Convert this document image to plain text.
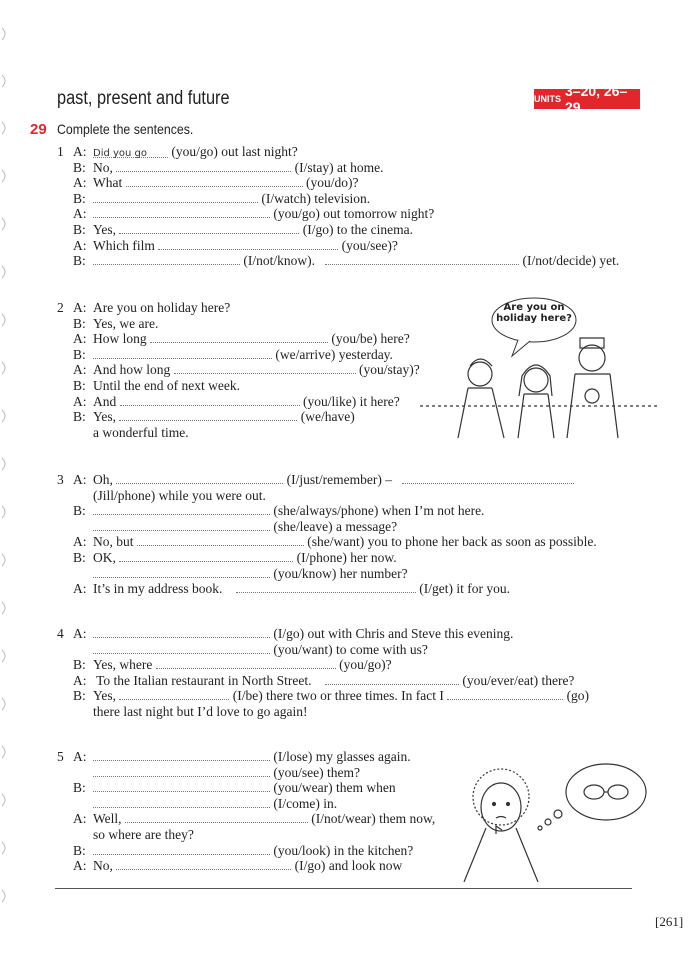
past, present and future	UNITS 3–20, 26–29
29 Complete the sentences.
1 A: Did you go (you/go) out last night?
B: No,	(I/stay) at home.
A: What	(you/do)?
B:	(I/watch) television.
A:	(you/go) out tomorrow night?
B: Yes,	(I/go) to the cinema.
A: Which film	(you/see)?
B:	(I/not/know).	(I/not/decide) yet.
2 A: Are you on holiday here?
B: Yes, we are.
A: How long	(you/be) here?
B:	(we/arrive) yesterday.
A: And how long	(you/stay)?
B: Until the end of next week.
A: And	(you/like) it here?
B: Yes,	(we/have)
a wonderful time.
3 A: Oh,	(I/just/remember) –
(Jill/phone) while you were out.
B:	(she/always/phone) when I’m not here.
(she/leave) a message?
A: No, but	(she/want) you to phone her back as soon as possible.
B: OK,	(I/phone) her now.
(you/know) her number?
A: It’s in my address book.	(I/get) it for you.
4 A:	(I/go) out with Chris and Steve this evening.
(you/want) to come with us?
B: Yes, where	(you/go)?
A: To the Italian restaurant in North Street.	(you/ever/eat) there?
B: Yes,	(I/be) there two or three times. In fact I	(go)
there last night but I’d love to go again!
5 A:	(I/lose) my glasses again.
(you/see) them?
B:	(you/wear) them when
(I/come) in.
A: Well,	(I/not/wear) them now,
so where are they?
B:	(you/look) in the kitchen?
A: No,	(I/go) and look now
Are you on holiday here?
[261]
